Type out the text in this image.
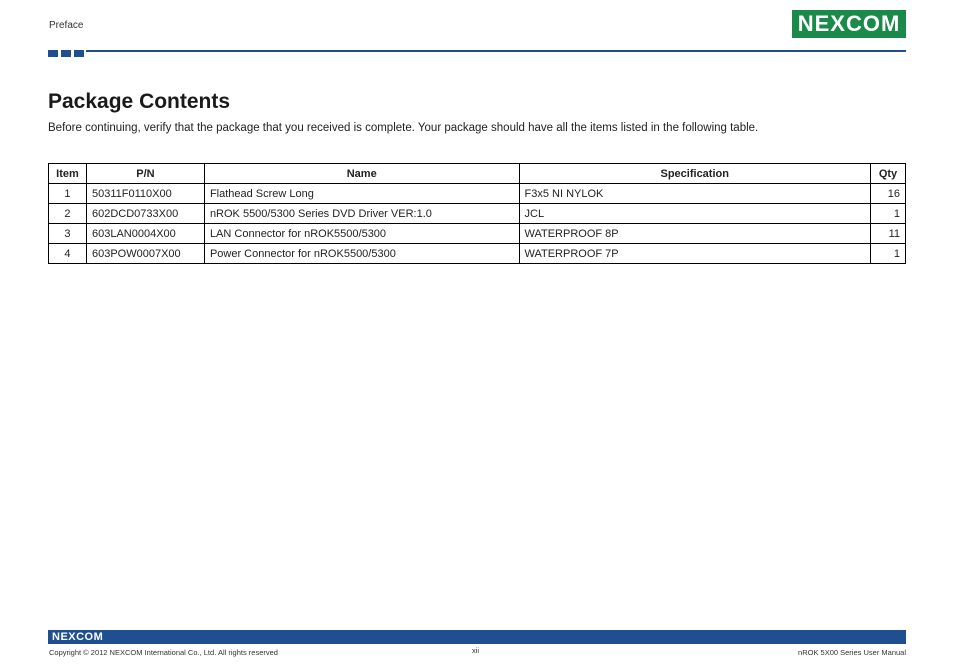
Preface	NEXCOM
Package Contents
Before continuing, verify that the package that you received is complete. Your package should have all the items listed in the following table.
Item	P/N	Name	Specification	Qty
1	50311F0110X00	Flathead Screw Long	F3x5 NI NYLOK	16
2	602DCD0733X00	nROK 5500/5300 Series DVD Driver VER:1.0	JCL	1
3	603LAN0004X00	LAN Connector for nROK5500/5300	WATERPROOF 8P	11
4	603POW0007X00	Power Connector for nROK5500/5300	WATERPROOF 7P	1
NEXCOM
Copyright © 2012 NEXCOM International Co., Ltd. All rights reserved	xii	nROK 5X00 Series User Manual
